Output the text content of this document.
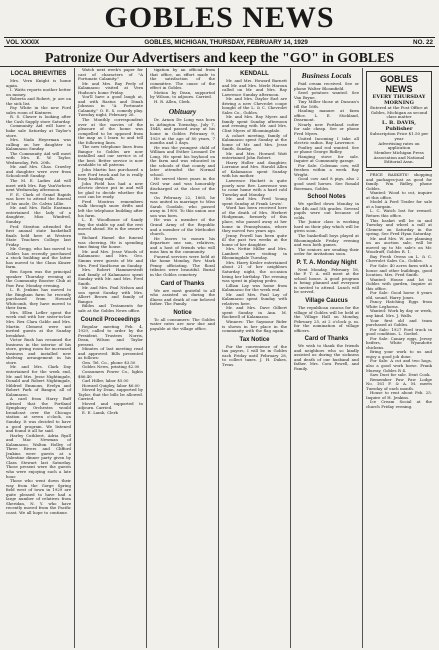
GOBLES NEWS
VOL XXXIX	GOBLES, MICHIGAN, THURSDAY, FEBRUARY 14, 1929	NO. 22
Patronize Our Advertisers and keep the "GO" in GOBLES
LOCAL BRIEVITIES

Mrs. Vern Knight is home again.

I. Watts reports mother better on money.

Roberta and Robert, jr. are on the sick list.

Fay White in the new Ford sales room of Kintners.

R. S. Clawer is looking after the Cash Supply store Saturday.

Community Aid will have a bake sale Saturday at Taylor's store.

Mrs. Nada Heyerman was calling on her daughter in Kalamazoo Sunday.

The Community Aid will meet with Mrs. E. W. Taylor, Wednesday, Feb. 20th.

Mr. and Mrs. Chas. Crawley and daughter were over from Schoolcraft Sunday.

The M. E. Ladies Aid will meet with Mrs. Ray VanVorhees next Wednesday afternoon.

F. E. Clark of Grand Rapids was here to attend the funeral of his uncle, Dr. Calvin Lillie.

Mr. and Mrs. Rollo Eastman entertained the lady of a daughter, Miss Wimfred, Sunday.

Prof. Stratton attended the first annual state basketball finals held here at Western State Teachers College last Friday.

Mr. Gregg, who has moved to Gobles has recently purchased a stock building and the latter has moved to the Claus Kinzer farm.

Ben Sopen was the principal speaker Thursday evening at the Community Booster Club at Paw Paw, Monday evening.

L. B. Jenkins has moved to the Bingham farm he recently purchased from Howard Whitcomb, they have moved to their farm.

Mrs. Ellen Lefler spent the week end with her sister-in-law Mrs. Rex Clara Gable and Mrs. Martin Clement were not invited guests at the Sunday breakfast.

Victor Rush has resumed the business in the interior of his store, giving room for increased business and installed new shelving arrangement in his store.

Mr. and Mrs. Clark Day entertained for the week end, Mr. and Mrs. Jesse Nightingale, Donald and Robert Nightingale, Mildred Emmons, Evelyn and Robert Park of Bangor, all of Kalamazoo.

A card from Harry Buff advised that the Portland Symphony Orchestra would broadcast over the Chicago station at seven o'clock, on Sunday. It was decided to have a good program. We listened and found it all he said.

Harley Cuthbert, Adria Ryall and Mac Newman of Kalamazoo, Walton Holley of Three Rivers and Clifford Jenkins were guests at a Valentine dinner party given by Clara Stewart last Saturday. Those present were the guests who were enjoying such a late hour.

Those who went down their way from the Gorge Spring field west of town in 1929 are quite pleased to have had a large number of relatives from Sheridan, N. Y. who have recently moved from the Pacific coast. We all hope to continue.

Watch next week's paper for cast of characters of "A Fortunate Calamity."

Mr. and Mrs. Ray Feely of Kalamazoo visited at Vern Hudson's home Friday.

You'll have a good laugh at, and with Rastus and Dinah Johnson in "A Fortunate Calamity," O. E. S. comedy play. Tuesday night, February 26.

The Monthly correspondent over at the movies of the pleasure of the home was compelled to be opposed from the map as I learn to and tell the following lines.

The new telephone lines from Bangor to Gobles are now installed and our service is of the best. Better service is now available to all patrons.

John Martin has purchased a new Ford truck and he is really busy hauling milk.

John Field has had a new electric device put in and will be glad to decide whether the cost can be ready.

Fred Moutros remembers walk through snow drifts and left the telephone building after his farm.

L. E. Woodhouse of Sandy Bay the stable up and the rest moved ahead. He is the owner's son.

Richard Hamel the funeral was cheering. He is spending time fixing the house.

Mr. and Mrs. Jesse Woods of Kalamazoo and Mrs. Geo. Simms were guests of Mr. and Mrs. Fred VanHorne on Sunday.

Mrs. Robert Hammerstedt and family of Kalamazoo spent Sunday with Mr. and Mrs. Fred Smith.

Mr. and Mrs. Paul Nelson and son spent Sunday with Mrs. Albert Brown and family of Bangor.

Bibles and Testaments for sale at the Gobles News office.

Council Proceedings

Regular meeting Feb. 4, 1929, called to order by the President. Trustees Norris, Dean, Wilson and Taylor present.

Minutes of last meeting read and approved. Bills presented as follows:

Gen. Tel. Co., phone $3.50

Gobles News, printing $2.00

Consumers Power Co., lights $86.40

Carl Hiller, labor $5.00

Howard Quigley, labor $6.00

Moved by Dean, supported by Taylor, that the bills be allowed. Carried.

Moved and supported to adjourn. Carried.

E. E. Lamb, Clerk

tigation by an official from that office, an effort made to the satisfaction of the committee. The cause of the effect in Gobles.

Motion by Dean, supported by Wilson, to adjourn. Carried.

H. R. Allen, Clerk.

Obituary

Dr. Arnon De Long was born in Arlington Township, July 7, 1848, and passed away at his home in Gobles February 9, 1929 at the age of 80 years, 7 months and 2 days.

He was the youngest child of William and Esther Leonard De Long. He spent his boyhood on the farm and was educated in the schools of that county and later attended the Normal school.

He served three years in the Civil war and was honorably discharged at the close of the war.

On February 22, 1865, he was united in marriage to Miss Sarah Goodale, who passed away in 1900. To this union one son was born.

He was a member of the Grand Army of the Republic and a member of the Methodist church.

He leaves to mourn his departure one son, relatives, and a host of friends who will miss him in the community.

Funeral services were held at the home Monday, Rev. Mark Penny officiating. The floral tributes were beautiful. Burial in the Gobles cemetery.

Card of Thanks

We are most grateful to all who assisted us during the illness and death of our beloved father. The Family.

Notice

To all consumers: The Gobles water rates are now due and payable at the village office.

KENDALL

Mr. and Mrs. Howard Barnett and Mr. and Mrs. Merle Haroun called on Mr. and Mrs. Ray Lawrence Sunday afternoon.

Mr. and Mrs. Daylor Earl are driving a new Chevrolet coupe bought of the L. & C. Chevrolet Sales Co., Gobles.

Mr. and Mrs. Ray Myers and family spent Sunday afternoon and evening with Mr. and Mrs. Clint Myers of Bloomingdale.

A cohort meeting, family of Kalamazoo spent Sunday at the home of Mr. and Mrs. Jesse Smith. Sunday.

Mr. and Mrs. Howard Watt entertained John Robert.

Harry Holler and daughter, Lorraine and Mrs. Harold Allen of Kalamazoo spent Sunday with his mother.

Lawrence Hackett is quite poorly now. Rev. Lawrence was to come home with a hard cold Tuesday and Monday.

Mr. and Mrs. Fred Young spent Sunday at Frank Lewis'.

Word has been received here of the death of Mrs. Herbert Hodgeman, formerly of this place, who passed away at her home in Pennsylvania, where they moved two years ago.

Jenny Powell has been quite ill the past two weeks at the home of her daughter.

Mrs. Nettie Miller and Mrs. Lambert were visiting in Bloomingdale Tuesday.

Mrs. Harry Kesler entertained about 21 of her neighbors Saturday night, the occasion being her birthday. The evening was spent in playing pedro.

Lillian Lay was home from Kalamazoo for the week end.

Mr. and Mrs. Paul Lay of Kalamazoo spent Sunday with relatives here.

Mr. and Mrs. Dave Gilbert spent Sunday in Ann. M. Rockwell of Kalamazoo.

Winners: The Saymour Rider is shown in her place in the community with the flag again.

Tax Notice

For the convenience of the tax payers, I will be in Gobles each Friday until February 28, to collect taxes. J. H. Dukes, Treas.

Business Locals

Paid cream received. See or phone Walter Bloomfield.

Seed potatoes wanted. See Van Bryne.

Tiny Miller those at Duncan's till the 16th.

Hauling manure at farm office. L. E. Stickland, Dearmont.

Nearly new Portland cutter for sale cheap. See or phone Fred Myers.

United Incoming I take all electric radios. Ray Lawrence.

Poultry and rod wanted. See or phone George Ridley.

Hanging stove for sale. Inquire at Community garage.

For Sale: Coleman cow, will freshen within a week. Ray Wright.

Good cow and 8 pigs, also 2 good used horses. See Ronald Boerman, Gobles.

School Notes

We spelled down Monday in the 4th and 5th grades. Several pupils were out because of colds.

The Junior class is working hard on their play which will be given soon.

The basketball boys played at Bloomingdale Friday evening and won both games.

The seniors are sending their order for invitations soon.

P. T. A. Monday Night

Next Monday, February 18, the P. T. A. will meet at the school house. A good program is being planned and everyone is invited to attend. Lunch will be served.

Village Caucus

The republican caucus for the village of Gobles will be held at the Village Hall on Monday, February 25, at 2 o'clock p. m. for the nomination of village officers.

Card of Thanks

We wish to thank the friends and neighbors who so kindly assisted us during the sickness and death of our husband and father. Mrs. Cora Powell, and Family.

GOBLES NEWS
EVERY THURSDAY MORNING
Entered at the Post Office at Gobles, Michigan as second class matter
L. B. DAVIS, Publisher
Subscription Price $1.50 per year
Advertising rates on application
Member Michigan Press Association and National Editorial Assn.

PRICE BASKETS! shopping and packages-just as good for family. Wm Ridley, phone Gobles.

Wanted: Wood to cut, inquire at this office.

Model A Ford Trailer for sale at a bargain.

L. C. Watch lost for reward. Return this office.

This basket will be in and Tuesday and wheel a mill at Clement on Saturday in the spring. See Fred Hyan Saturday.

Mr. and Mrs. W. are planning on an auction sale, will be moved up to Mr. sale's on Mr. Woodruff, Gobles R. 1.

Bay Fresh Ovens on L. & C. Chevrolet Sales Co., Gobles.

For Sale: 40 acres farm with a house and other buildings, good location. Mrs. Fred Smith.

Wanted: House and lot in Gobles with garden, Inquire at this office.

For Sale: Good horse 8 years old, sound. Harry Jones.

Fancy Hatching Eggs from White Leghorns.

Wanted: Work by day or week, any kind. Mrs. J. Walls.

Your first old and team purchased at Gobles.

For Sale: 1927 Ford truck in good condition. L. Goebel.

For Sale: Canary eggs, Jersey heifers, White Wyandotte chickens.

Bring your work to us and enjoy a good job done.

For Sale: A cut and two hogs, also a good work horse. Frank Murray, Gobles R 4.

Saw Dust for sale. Dent Cook.

Remember Paw Paw Lodge No. 161 F. & A. M. meets Tuesday of each month.

House to rent about Feb. 25. Inquire of H. Jenkins.

Ice Cream Social at the church Friday evening.
